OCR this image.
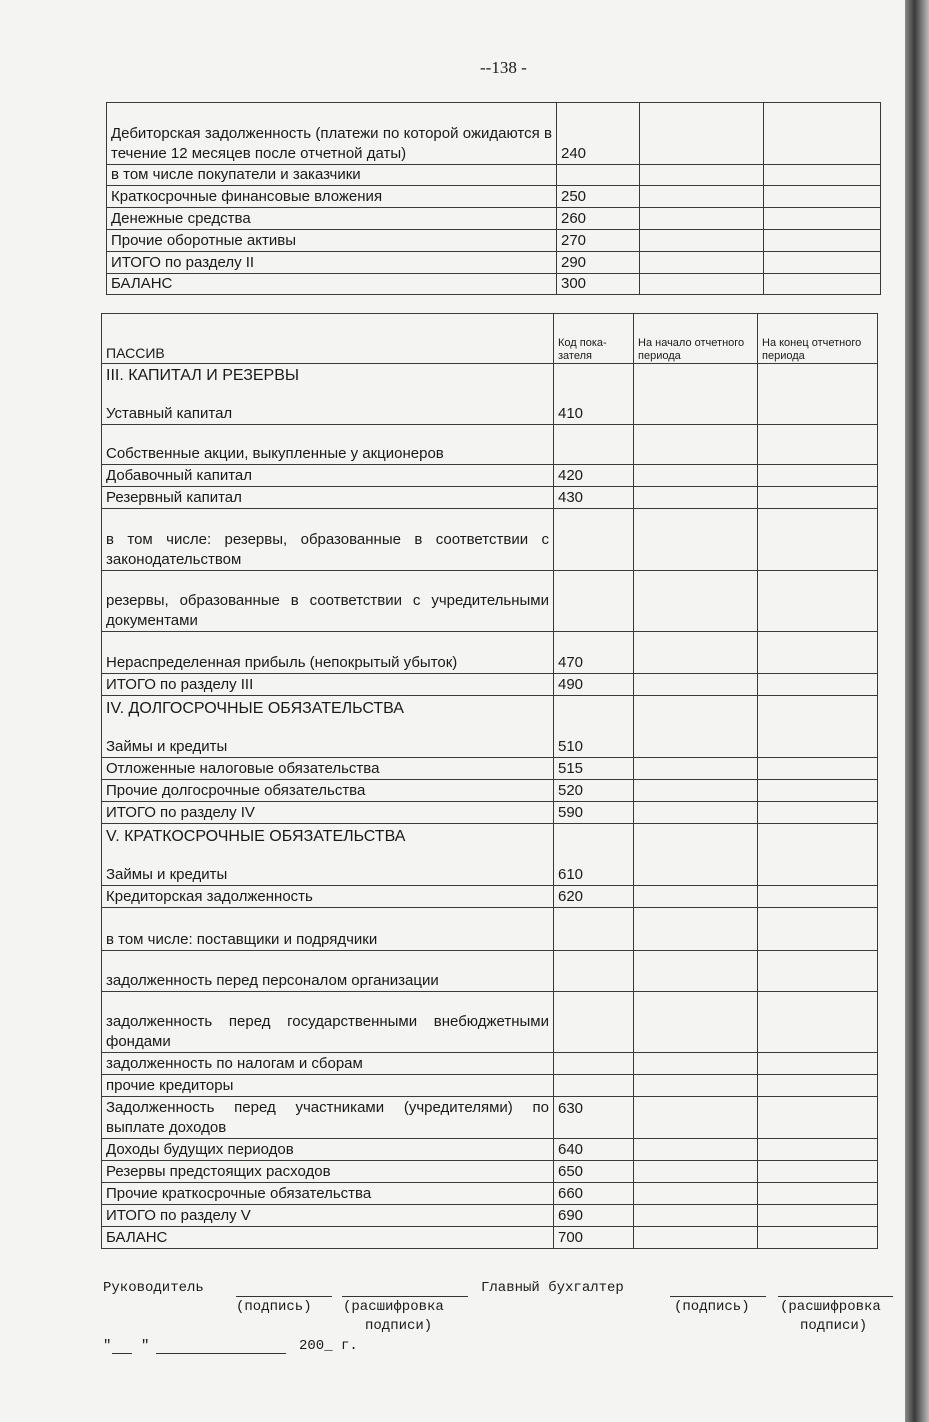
--138 -
Дебиторская задолженность (платежи по которой ожидаются в течение 12 месяцев после отчетной даты)	240		
в том числе покупатели и заказчики			
Краткосрочные финансовые вложения	250		
Денежные средства	260		
Прочие оборотные активы	270		
ИТОГО по разделу II	290		
БАЛАНС	300		
ПАССИВ	Код пока-зателя	На начало отчетного периода	На конец отчетного периода

III. КАПИТАЛ И РЕЗЕРВЫ
Уставный капитал	410		
Собственные акции, выкупленные у акционеров			
Добавочный капитал	420		
Резервный капитал	430		
в том числе: резервы, образованные в соответствии с законодательством			
резервы, образованные в соответствии с учредительными документами			
Нераспределенная прибыль (непокрытый убыток)	470		
ИТОГО по разделу III	490		

IV. ДОЛГОСРОЧНЫЕ ОБЯЗАТЕЛЬСТВА
Займы и кредиты	510		
Отложенные налоговые обязательства	515		
Прочие долгосрочные обязательства	520		
ИТОГО по разделу IV	590		

V. КРАТКОСРОЧНЫЕ ОБЯЗАТЕЛЬСТВА
Займы и кредиты	610		
Кредиторская задолженность	620		
в том числе: поставщики и подрядчики			
задолженность перед персоналом организации			
задолженность перед государственными внебюджетными фондами			
задолженность по налогам и сборам			
прочие кредиторы			
Задолженность перед участниками (учредителями) по выплате доходов	630		
Доходы будущих периодов	640		
Резервы предстоящих расходов	650		
Прочие краткосрочные обязательства	660		
ИТОГО по разделу V	690		
БАЛАНС	700		
Руководитель
(подпись) (расшифровка
подписи)
Главный бухгалтер
(подпись) (расшифровка
подписи)
" "	200_ г.
